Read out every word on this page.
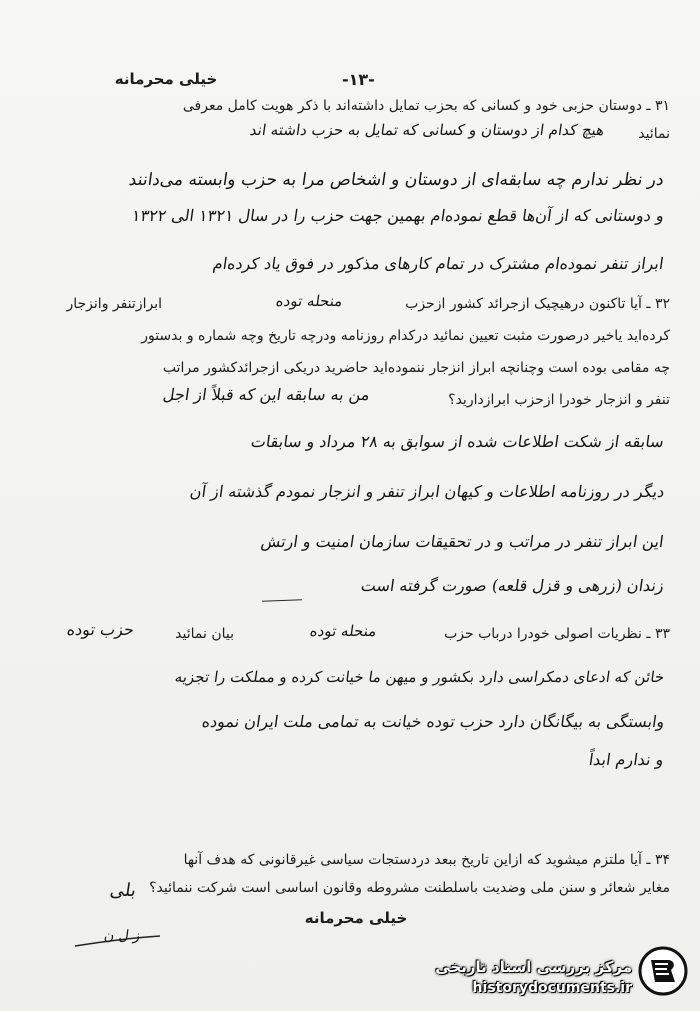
خیلی محرمانه	-۱۳-
۳۱ ـ دوستان حزبی خود و کسانی که بحزب تمایل داشته‌اند با ذکر هویت کامل معرفی
نمائید
هیچ کدام از دوستان و کسانی که تمایل به حزب داشته اند
در نظر ندارم چه سابقه‌ای از دوستان و اشخاص مرا به حزب وابسته می‌دانند
و دوستانی که از آن‌ها قطع نموده‌ام بهمین جهت حزب را در سال ۱۳۲۱ الی ۱۳۲۲
ابراز تنفر نموده‌ام مشترک در تمام کارهای مذکور در فوق یاد کرده‌ام
۳۲ ـ آیا تاکنون درهیچیک ازجرائد کشور ازحزب
منحله توده
ابرازتنفر وانزجار
کرده‌اید یاخیر درصورت مثبت تعیین نمائید درکدام روزنامه ودرچه تاریخ وچه شماره و بدستور
چه مقامی بوده است وچنانچه ابراز انزجار ننموده‌اید حاضرید دریکی ازجرائدکشور مراتب
تنفر و انزجار خودرا ازحزب ابرازدارید؟
من به سابقه این که قبلاً از اجل
سابقه از شکت اطلاعات شده از سوابق به ۲۸ مرداد و سابقات
دیگر در روزنامه اطلاعات و کیهان ابراز تنفر و انزجار نمودم گذشته از آن
این ابراز تنفر در مراتب و در تحقیقات سازمان امنیت و ارتش
زندان (زرهی و قزل قلعه) صورت گرفته است
۳۳ ـ نظریات اصولی خودرا درباب حزب
منحله توده
بیان نمائید
حزب توده
خائن که ادعای دمکراسی دارد بکشور و میهن ما خیانت کرده و مملکت را تجزیه
وابستگی به بیگانگان دارد حزب توده خیانت به تمامی ملت ایران نموده
و ندارم ابداً
۳۴ ـ آیا ملتزم میشوید که ازاین تاریخ ببعد دردستجات سیاسی غیرقانونی که هدف آنها
مغایر شعائر و سنن ملی وضدیت باسلطنت مشروطه وقانون اساسی است شرکت ننمائید؟
بلی
خیلی محرمانه
ز ل ن
مرکز بررسی اسناد تاریخی
historydocuments.ir
